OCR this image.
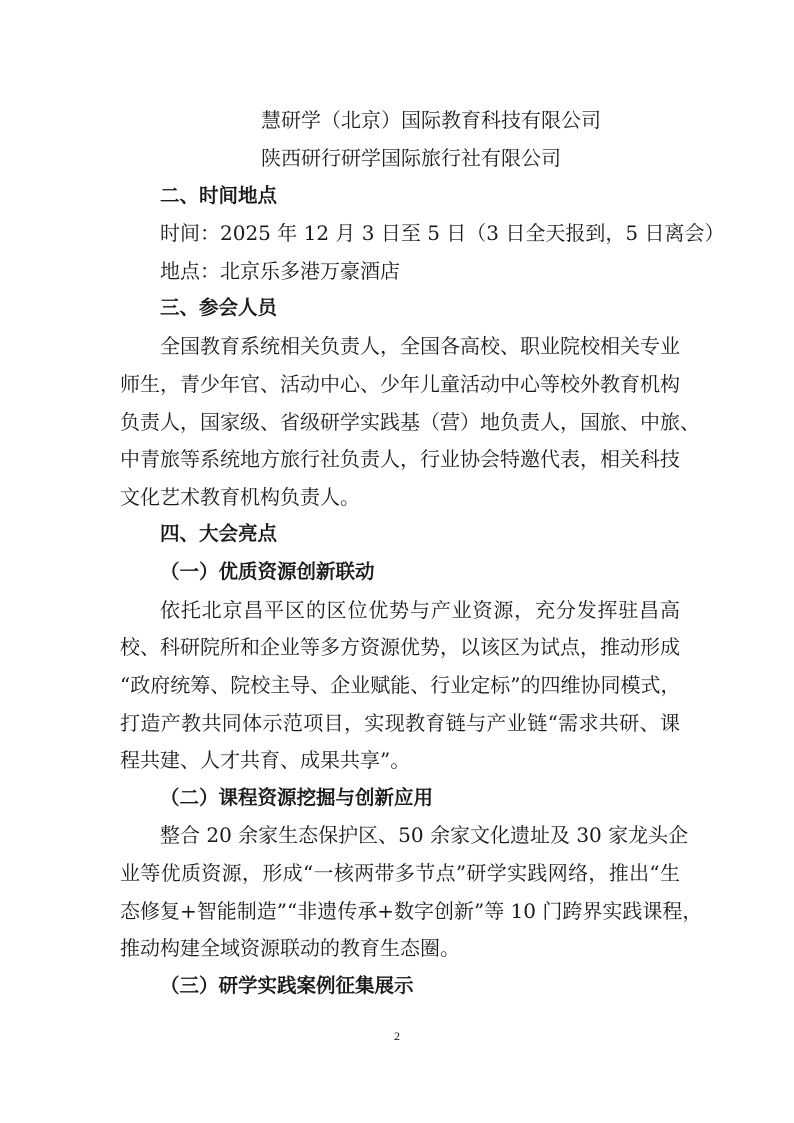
慧研学（北京）国际教育科技有限公司
陕西研行研学国际旅行社有限公司
二、时间地点
时间：2025 年 12 月 3 日至 5 日（3 日全天报到，5 日离会）
地点：北京乐多港万豪酒店
三、参会人员
全国教育系统相关负责人，全国各高校、职业院校相关专业
师生，青少年官、活动中心、少年儿童活动中心等校外教育机构
负责人，国家级、省级研学实践基（营）地负责人，国旅、中旅、
中青旅等系统地方旅行社负责人，行业协会特邀代表，相关科技
文化艺术教育机构负责人。
四、大会亮点
（一）优质资源创新联动
依托北京昌平区的区位优势与产业资源，充分发挥驻昌高
校、科研院所和企业等多方资源优势，以该区为试点，推动形成
“政府统筹、院校主导、企业赋能、行业定标”的四维协同模式，
打造产教共同体示范项目，实现教育链与产业链“需求共研、课
程共建、人才共育、成果共享”。
（二）课程资源挖掘与创新应用
整合 20 余家生态保护区、50 余家文化遗址及 30 家龙头企
业等优质资源，形成“一核两带多节点”研学实践网络，推出“生
态修复+智能制造”“非遗传承+数字创新”等 10 门跨界实践课程，
推动构建全域资源联动的教育生态圈。
（三）研学实践案例征集展示
2
